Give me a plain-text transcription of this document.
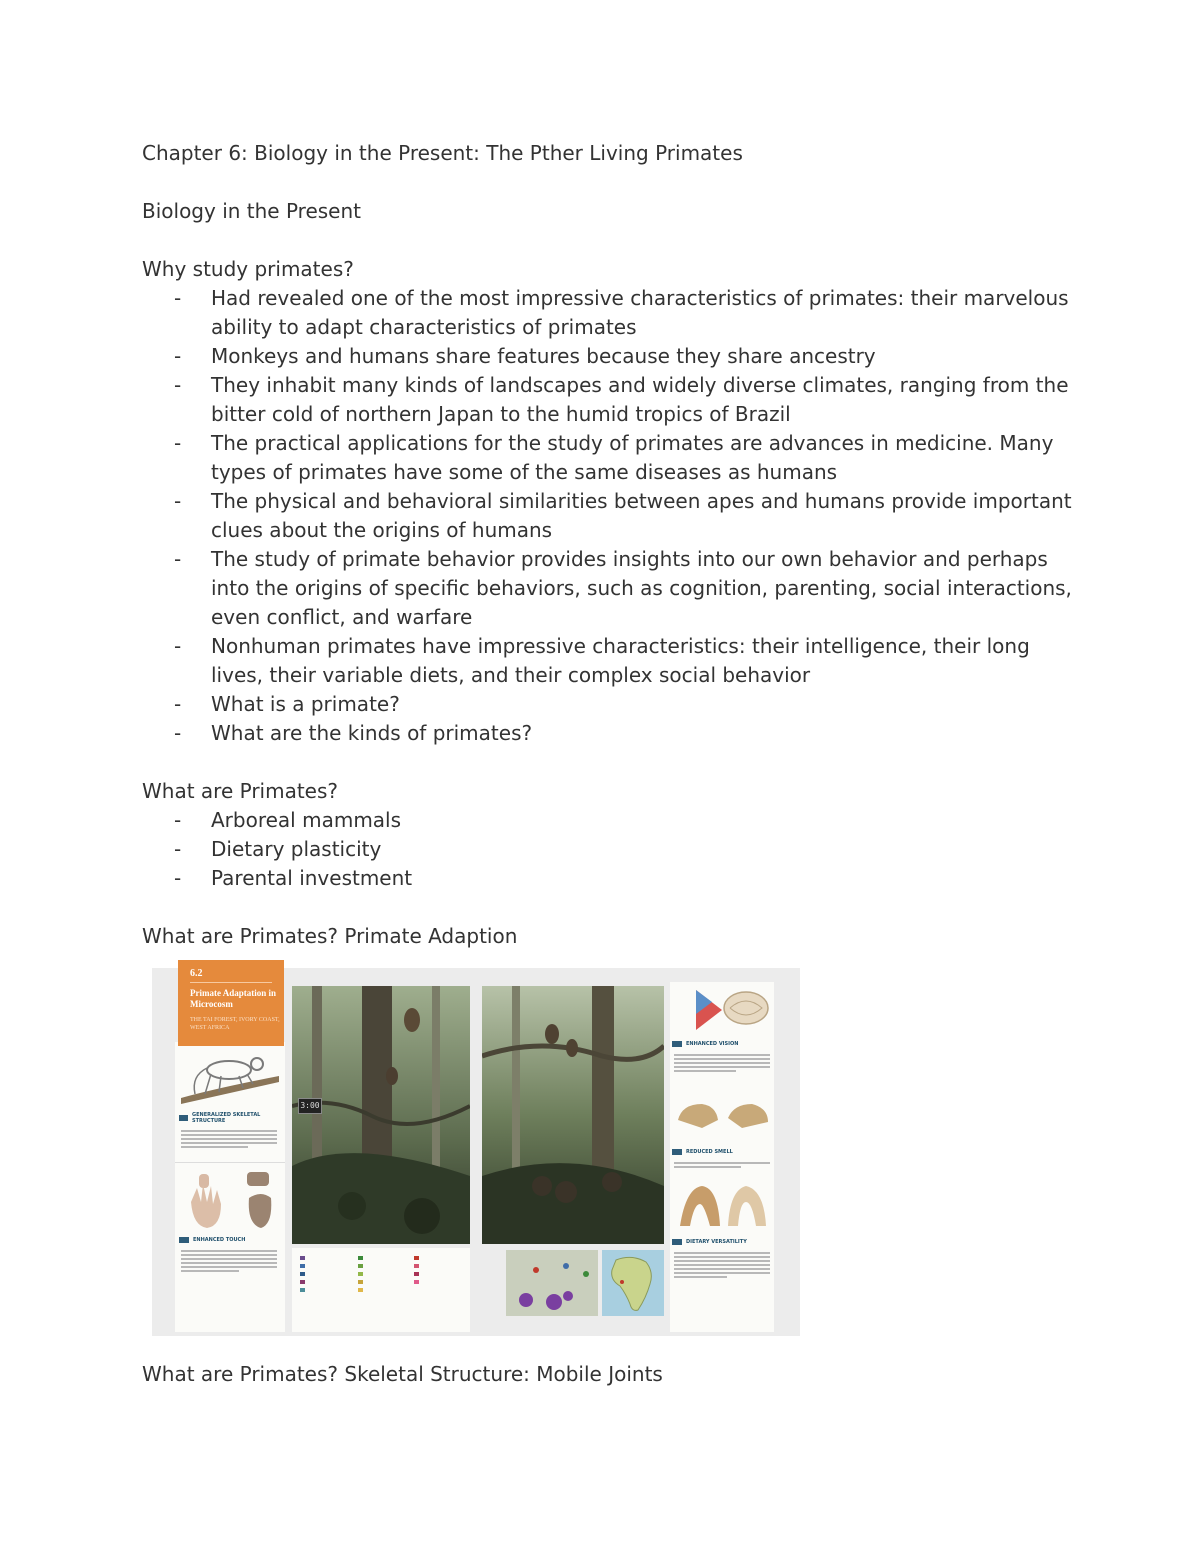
Chapter 6: Biology in the Present: The Pther Living Primates

Biology in the Present

Why study primates?

- Had revealed one of the most impressive characteristics of primates: their marvelous ability to adapt characteristics of primates
- Monkeys and humans share features because they share ancestry
- They inhabit many kinds of landscapes and widely diverse climates, ranging from the bitter cold of northern Japan to the humid tropics of Brazil
- The practical applications for the study of primates are advances in medicine. Many types of primates have some of the same diseases as humans
- The physical and behavioral similarities between apes and humans provide important clues about the origins of humans
- The study of primate behavior provides insights into our own behavior and perhaps into the origins of specific behaviors, such as cognition, parenting, social interactions, even conflict, and warfare
- Nonhuman primates have impressive characteristics: their intelligence, their long lives, their variable diets, and their complex social behavior
- What is a primate?
- What are the kinds of primates?

What are Primates?

- Arboreal mammals
- Dietary plasticity
- Parental investment

What are Primates? Primate Adaption

GENERALIZED SKELETAL STRUCTURE
ENHANCED TOUCH
6.2
Primate Adaptation in Microcosm
THE TAI FOREST, IVORY COAST, WEST AFRICA
3:00
ENHANCED VISION
REDUCED SMELL
DIETARY VERSATILITY

What are Primates? Skeletal Structure: Mobile Joints
